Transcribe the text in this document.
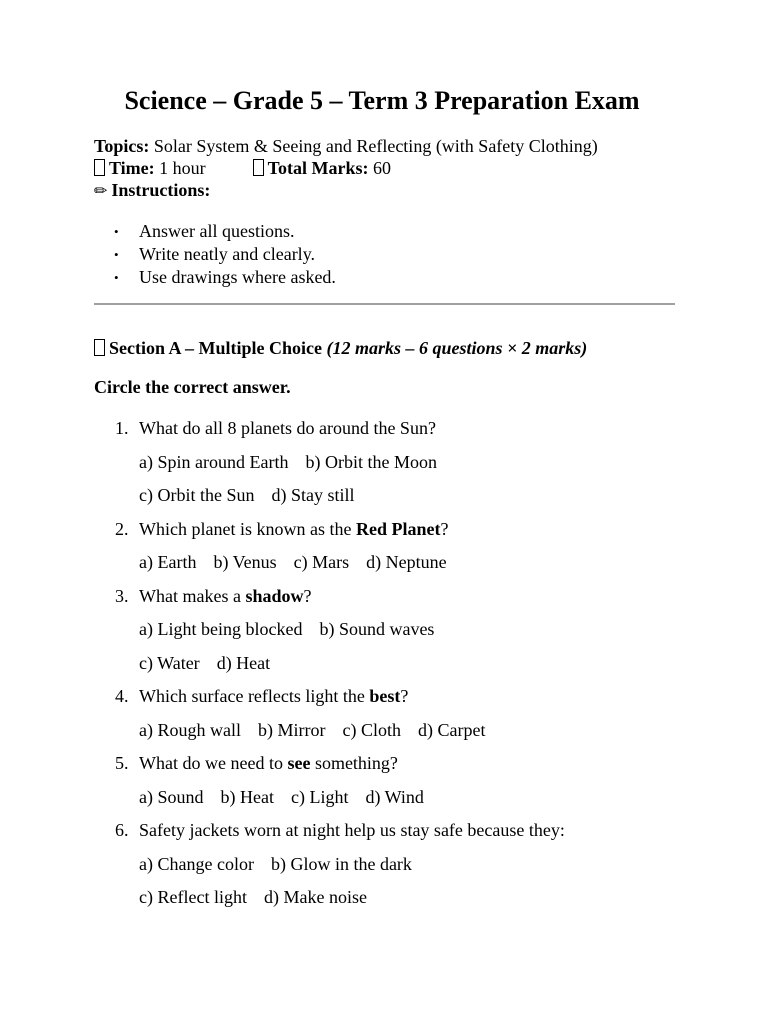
Science – Grade 5 – Term 3 Preparation Exam
Topics: Solar System & Seeing and Reflecting (with Safety Clothing)
Time: 1 hour	Total Marks: 60
✏ Instructions:
• Answer all questions.
• Write neatly and clearly.
• Use drawings where asked.
Section A – Multiple Choice (12 marks – 6 questions × 2 marks)
Circle the correct answer.
1. What do all 8 planets do around the Sun?
a) Spin around Earth b) Orbit the Moon
c) Orbit the Sun d) Stay still
2. Which planet is known as the Red Planet?
a) Earth b) Venus c) Mars d) Neptune
3. What makes a shadow?
a) Light being blocked b) Sound waves
c) Water d) Heat
4. Which surface reflects light the best?
a) Rough wall b) Mirror c) Cloth d) Carpet
5. What do we need to see something?
a) Sound b) Heat c) Light d) Wind
6. Safety jackets worn at night help us stay safe because they:
a) Change color b) Glow in the dark
c) Reflect light d) Make noise
